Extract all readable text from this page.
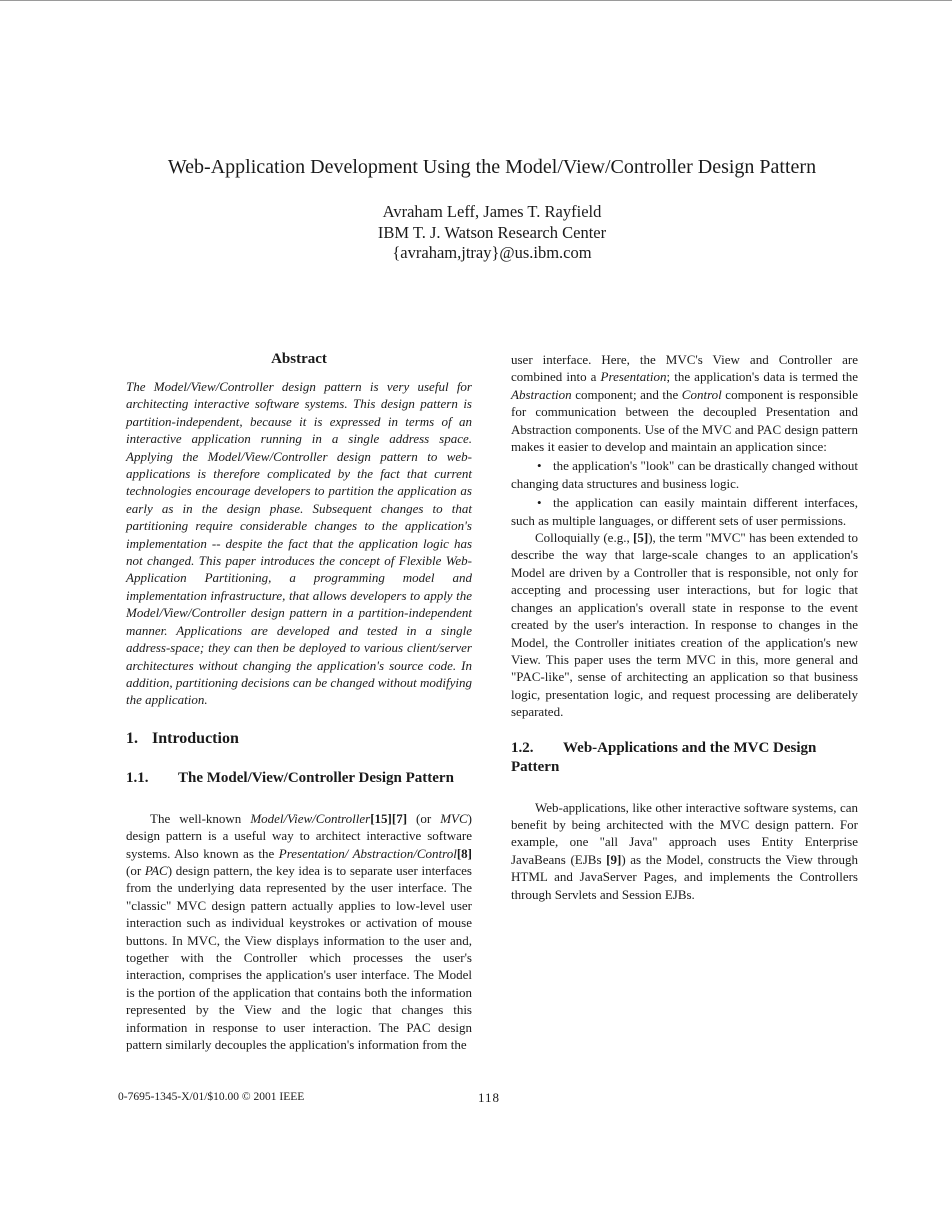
Web-Application Development Using the Model/View/Controller Design Pattern
Avraham Leff, James T. Rayfield
IBM T. J. Watson Research Center
{avraham,jtray}@us.ibm.com
Abstract

The Model/View/Controller design pattern is very useful for architecting interactive software systems. This design pattern is partition-independent, because it is expressed in terms of an interactive application running in a single address space. Applying the Model/View/Controller design pattern to web-applications is therefore complicated by the fact that current technologies encourage developers to partition the application as early as in the design phase. Subsequent changes to that partitioning require considerable changes to the application's implementation -- despite the fact that the application logic has not changed. This paper introduces the concept of Flexible Web-Application Partitioning, a programming model and implementation infrastructure, that allows developers to apply the Model/View/Controller design pattern in a partition-independent manner. Applications are developed and tested in a single address-space; they can then be deployed to various client/server architectures without changing the application's source code. In addition, partitioning decisions can be changed without modifying the application.

1. Introduction
1.1. The Model/View/Controller Design Pattern

The well-known Model/View/Controller[15][7] (or MVC) design pattern is a useful way to architect interactive software systems. Also known as the Presentation/ Abstraction/Control[8] (or PAC) design pattern, the key idea is to separate user interfaces from the underlying data represented by the user interface. The "classic" MVC design pattern actually applies to low-level user interaction such as individual keystrokes or activation of mouse buttons. In MVC, the View displays information to the user and, together with the Controller which processes the user's interaction, comprises the application's user interface. The Model is the portion of the application that contains both the information represented by the View and the logic that changes this information in response to user interaction. The PAC design pattern similarly decouples the application's information from the

user interface. Here, the MVC's View and Controller are combined into a Presentation; the application's data is termed the Abstraction component; and the Control component is responsible for communication between the decoupled Presentation and Abstraction components. Use of the MVC and PAC design pattern makes it easier to develop and maintain an application since:

• the application's "look" can be drastically changed without changing data structures and business logic.

• the application can easily maintain different interfaces, such as multiple languages, or different sets of user permissions.

Colloquially (e.g., [5]), the term "MVC" has been extended to describe the way that large-scale changes to an application's Model are driven by a Controller that is responsible, not only for accepting and processing user interactions, but for logic that changes an application's overall state in response to the event created by the user's interaction. In response to changes in the Model, the Controller initiates creation of the application's new View. This paper uses the term MVC in this, more general and "PAC-like", sense of architecting an application so that business logic, presentation logic, and request processing are deliberately separated.

1.2. Web-Applications and the MVC Design Pattern

Web-applications, like other interactive software systems, can benefit by being architected with the MVC design pattern. For example, one "all Java" approach uses Entity Enterprise JavaBeans (EJBs [9]) as the Model, constructs the View through HTML and JavaServer Pages, and implements the Controllers through Servlets and Session EJBs.

0-7695-1345-X/01/$10.00 © 2001 IEEE	118
